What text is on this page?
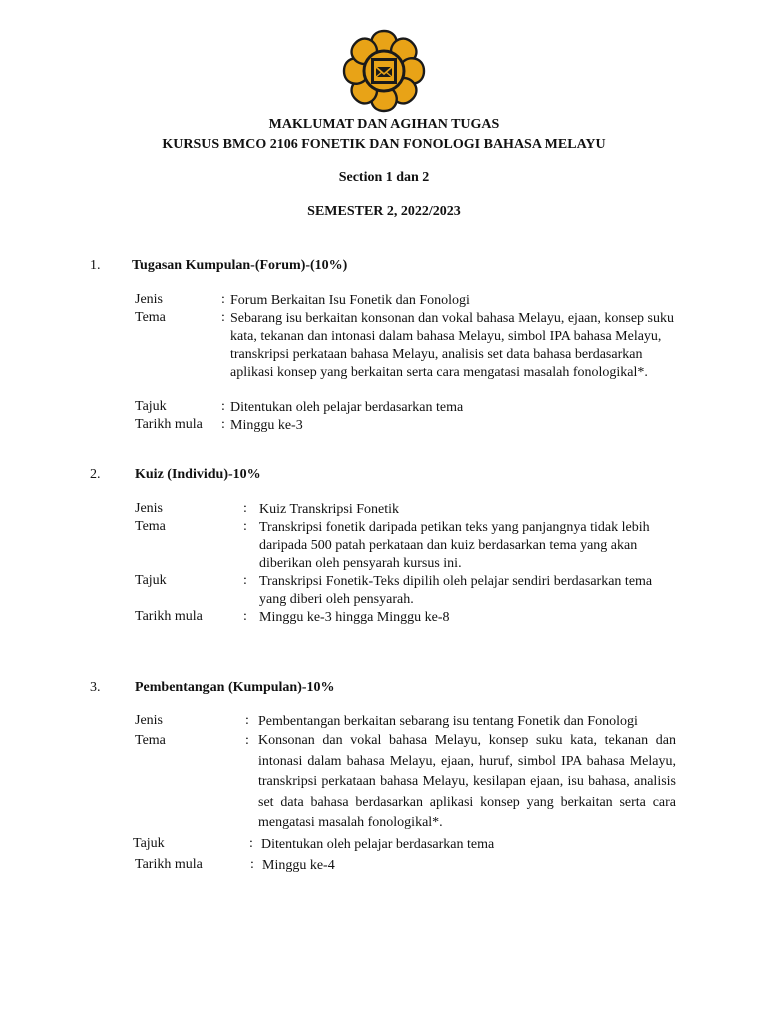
MAKLUMAT DAN AGIHAN TUGAS
KURSUS BMCO 2106 FONETIK DAN FONOLOGI BAHASA MELAYU
Section 1 dan 2
SEMESTER 2, 2022/2023
1. Tugasan Kumpulan-(Forum)-(10%)
Jenis	: Forum Berkaitan Isu Fonetik dan Fonologi
Tema	: Sebarang isu berkaitan konsonan dan vokal bahasa Melayu, ejaan, konsep suku kata, tekanan dan intonasi dalam bahasa Melayu, simbol IPA bahasa Melayu, transkripsi perkataan bahasa Melayu, analisis set data bahasa berdasarkan aplikasi konsep yang berkaitan serta cara mengatasi masalah fonologikal*.
Tajuk	: Ditentukan oleh pelajar berdasarkan tema
Tarikh mula : Minggu ke-3
2. Kuiz (Individu)-10%
Jenis	: Kuiz Transkripsi Fonetik
Tema	: Transkripsi fonetik daripada petikan teks yang panjangnya tidak lebih daripada 500 patah perkataan dan kuiz berdasarkan tema yang akan diberikan oleh pensyarah kursus ini.
Tajuk	: Transkripsi Fonetik-Teks dipilih oleh pelajar sendiri berdasarkan tema yang diberi oleh pensyarah.
Tarikh mula	: Minggu ke-3 hingga Minggu ke-8
3. Pembentangan (Kumpulan)-10%
Jenis	: Pembentangan berkaitan sebarang isu tentang Fonetik dan Fonologi
Tema	: Konsonan dan vokal bahasa Melayu, konsep suku kata, tekanan dan intonasi dalam bahasa Melayu, ejaan, huruf, simbol IPA bahasa Melayu, transkripsi perkataan bahasa Melayu, kesilapan ejaan, isu bahasa, analisis set data bahasa berdasarkan aplikasi konsep yang berkaitan serta cara mengatasi masalah fonologikal*.
Tajuk	: Ditentukan oleh pelajar berdasarkan tema
Tarikh mula	: Minggu ke-4
